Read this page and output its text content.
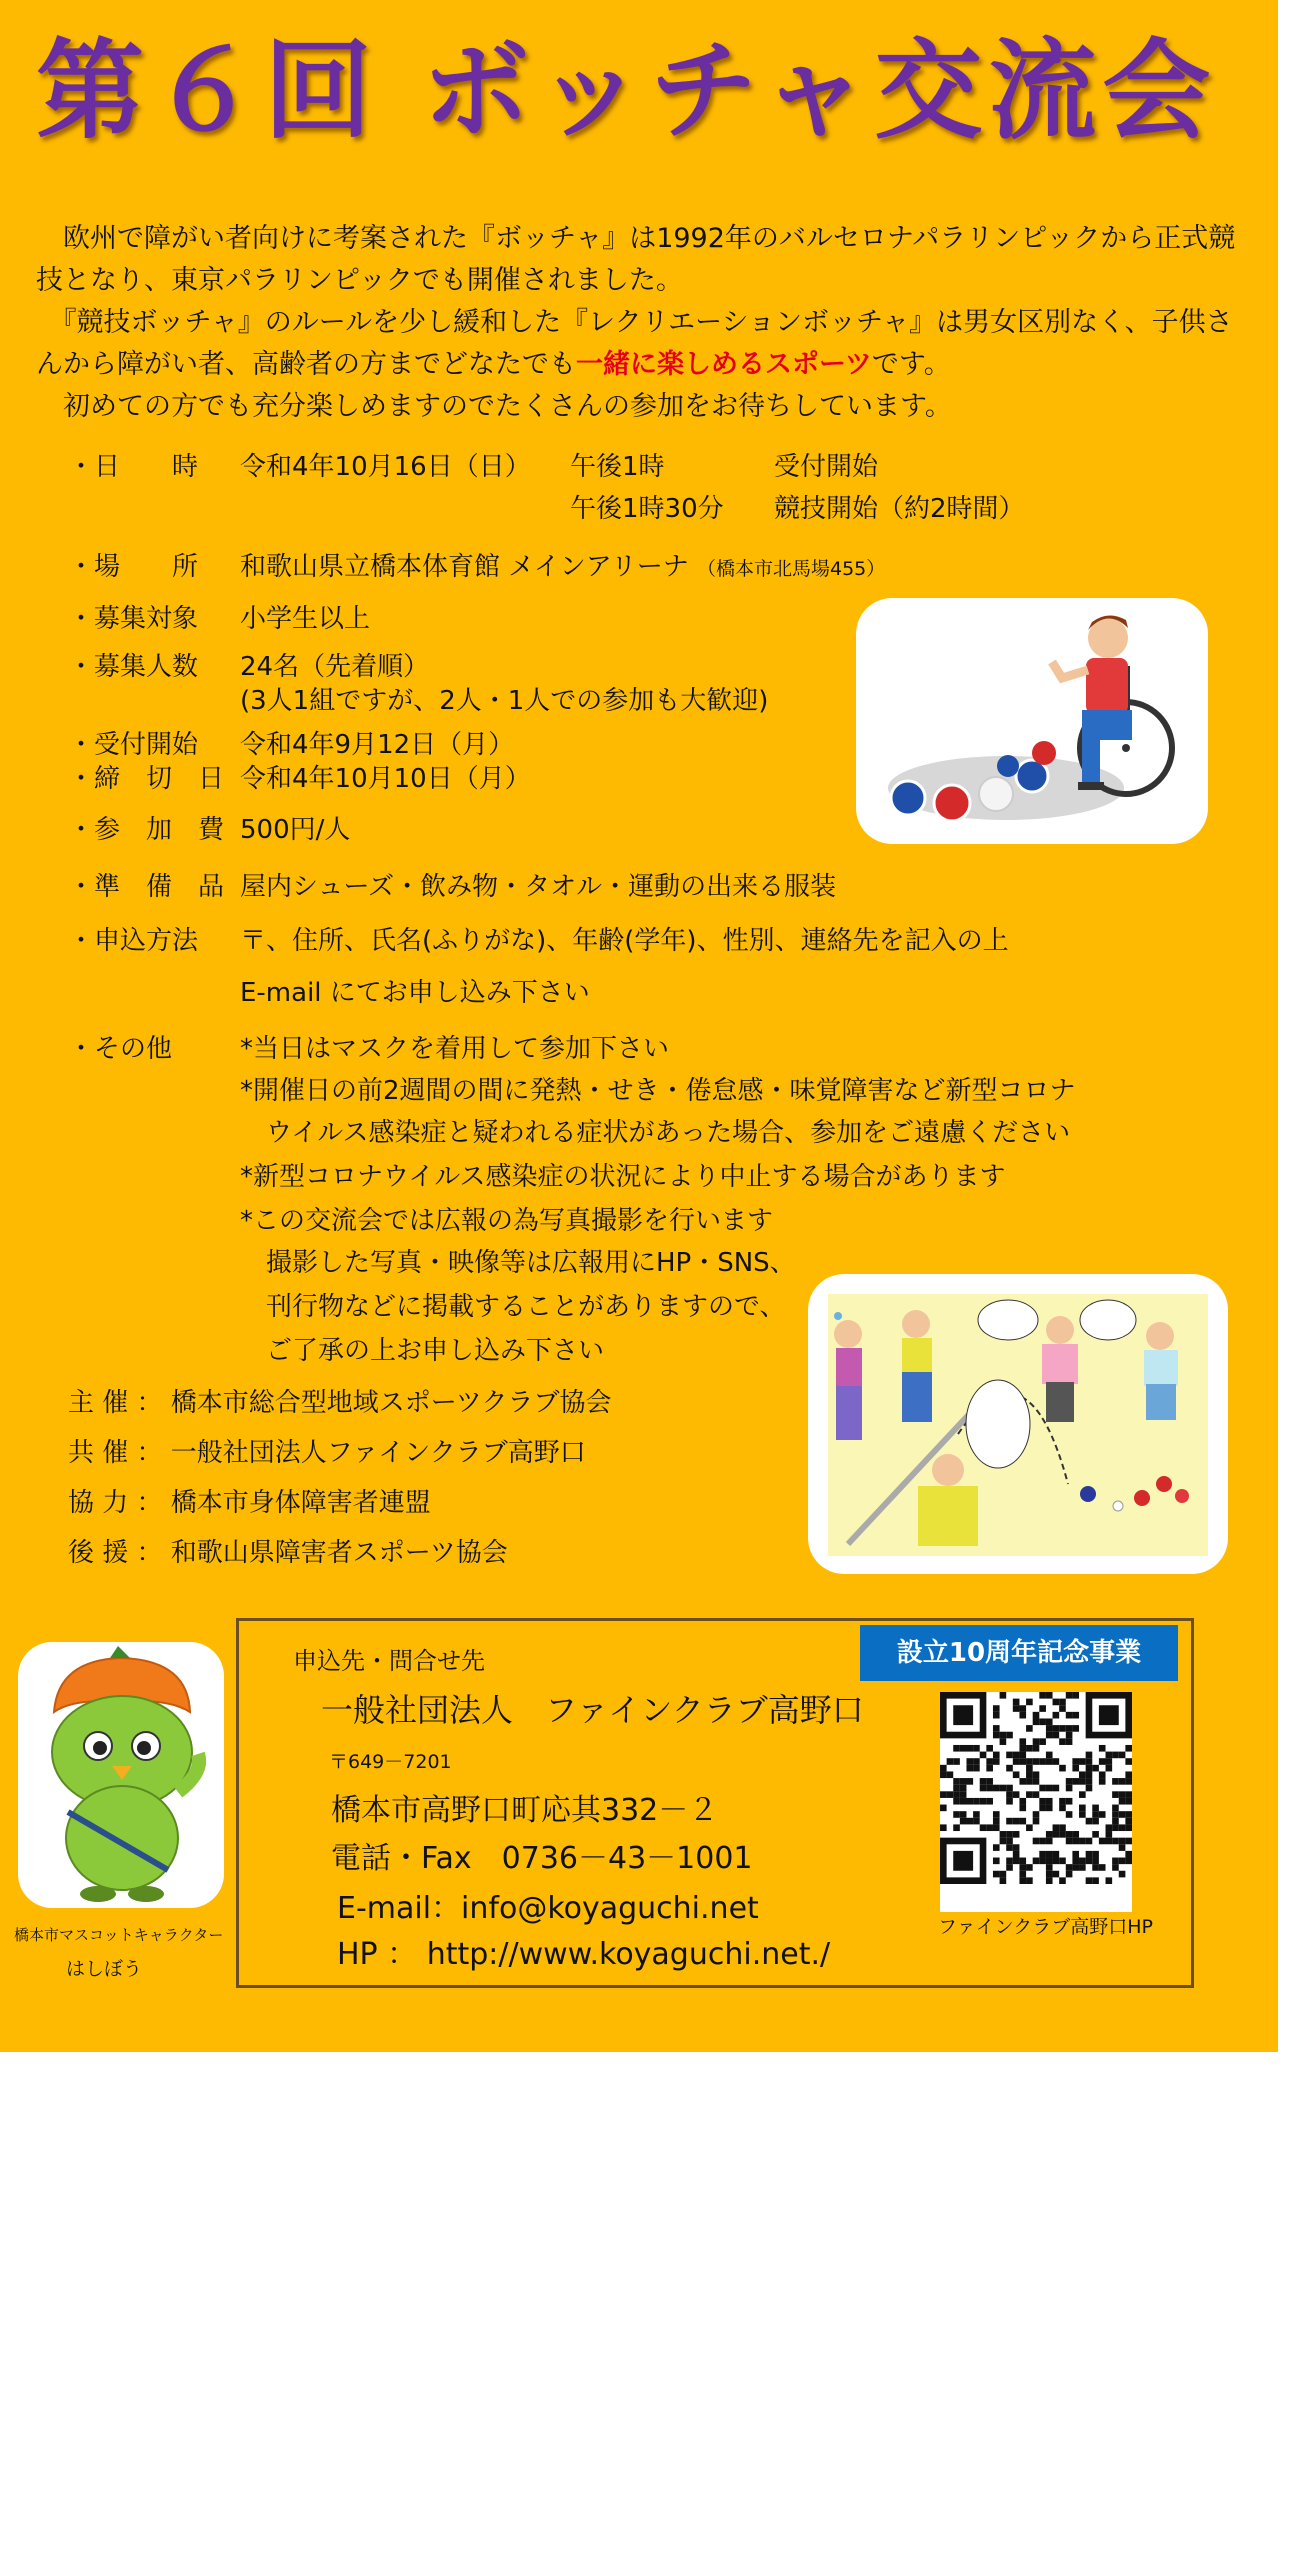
第６回 ボッチャ交流会

　欧州で障がい者向けに考案された『ボッチャ』は1992年のバルセロナパラリンピックから正式競技となり、東京パラリンピックでも開催されました。

　『競技ボッチャ』のルールを少し緩和した『レクリエーションボッチャ』は男女区別なく、子供さんから障がい者、高齢者の方までどなたでも一緒に楽しめるスポーツです。

　初めての方でも充分楽しめますのでたくさんの参加をお待ちしています。

・日　　時 令和4年10月16日（日） 午後1時	受付開始
午後1時30分 競技開始（約2時間）
・場　　所 和歌山県立橋本体育館 メインアリーナ （橋本市北馬場455）
・募集対象 小学生以上
・募集人数 24名（先着順）
(3人1組ですが、2人・1人での参加も大歓迎)
・受付開始 令和4年9月12日（月）
・締　切　日 令和4年10月10日（月）
・参　加　費 500円/人
・準　備　品 屋内シューズ・飲み物・タオル・運動の出来る服装
・申込方法 〒、住所、氏名(ふりがな)、年齢(学年)、性別、連絡先を記入の上
E-mail にてお申し込み下さい
・その他	*当日はマスクを着用して参加下さい
*開催日の前2週間の間に発熱・せき・倦怠感・味覚障害など新型コロナ
　ウイルス感染症と疑われる症状があった場合、参加をご遠慮ください
*新型コロナウイルス感染症の状況により中止する場合があります
*この交流会では広報の為写真撮影を行います
　撮影した写真・映像等は広報用にHP・SNS、
　刊行物などに掲載することがありますので、
　ご了承の上お申し込み下さい
主 催 ： 橋本市総合型地域スポーツクラブ協会
共 催 ： 一般社団法人ファインクラブ高野口
協 力 ： 橋本市身体障害者連盟
後 援 ： 和歌山県障害者スポーツ協会
橋本市マスコットキャラクター
はしぼう
申込先・問合せ先
一般社団法人　ファインクラブ高野口
〒649－7201
橋本市高野口町応其332－２
電話・Fax　0736－43－1001
E-mail：info@koyaguchi.net
HP ： http://www.koyaguchi.net./
設立10周年記念事業
ファインクラブ高野口HP
